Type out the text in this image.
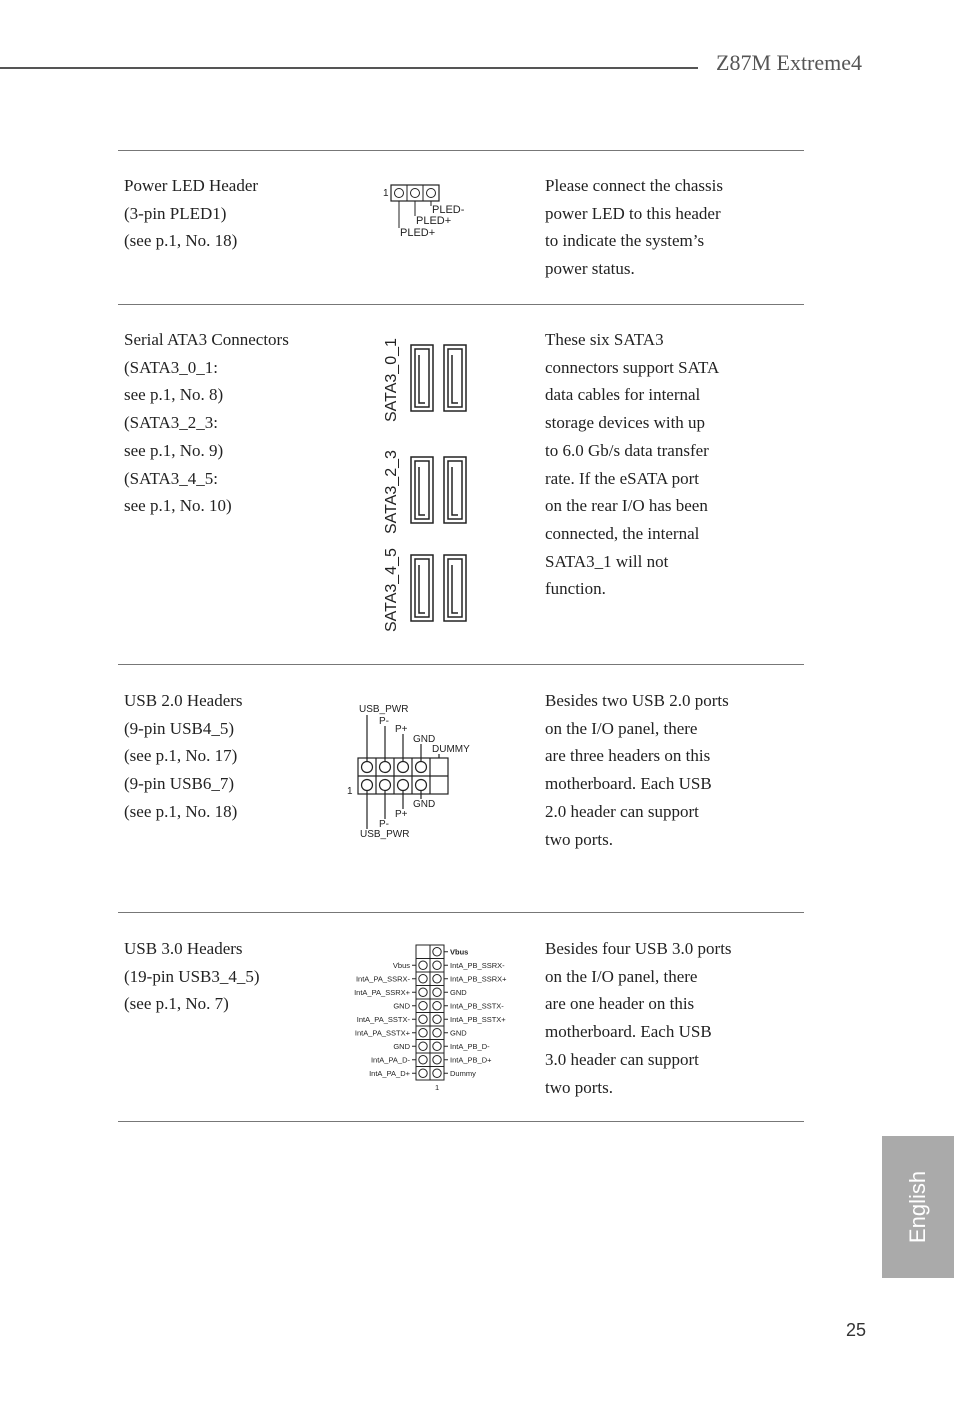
Z87M Extreme4
Power LED Header
(3-pin PLED1)
(see p.1, No. 18)
Please connect the chassis
power LED to this header
to indicate the system’s
power status.
1
PLED-
PLED+
PLED+
Serial ATA3 Connectors
(SATA3_0_1:
see p.1, No. 8)
(SATA3_2_3:
see p.1, No. 9)
(SATA3_4_5:
see p.1, No. 10)
These six SATA3
connectors support SATA
data cables for internal
storage devices with up
to 6.0 Gb/s data transfer
rate. If the eSATA port
on the rear I/O has been
connected, the internal
SATA3_1 will not
function.
SATA3_0_1
SATA3_2_3
SATA3_4_5
USB 2.0 Headers
(9-pin USB4_5)
(see p.1, No. 17)
(9-pin USB6_7)
(see p.1, No. 18)
Besides two USB 2.0 ports
on the I/O panel, there
are three headers on this
motherboard. Each USB
2.0 header can support
two ports.
USB_PWR
P-
P+
GND
DUMMY
GND
P+
P-
USB_PWR
1
USB 3.0 Headers
(19-pin USB3_4_5)
(see p.1, No. 7)
Besides four USB 3.0 ports
on the I/O panel, there
are one header on this
motherboard. Each USB
3.0 header can support
two ports.
Vbus
IntA_PB_SSRX-
IntA_PB_SSRX+
GND
IntA_PB_SSTX-
IntA_PB_SSTX+
GND
IntA_PB_D-
IntA_PB_D+
Dummy
Vbus
IntA_PA_SSRX-
IntA_PA_SSRX+
GND
IntA_PA_SSTX-
IntA_PA_SSTX+
GND
IntA_PA_D-
IntA_PA_D+
1
English
25
